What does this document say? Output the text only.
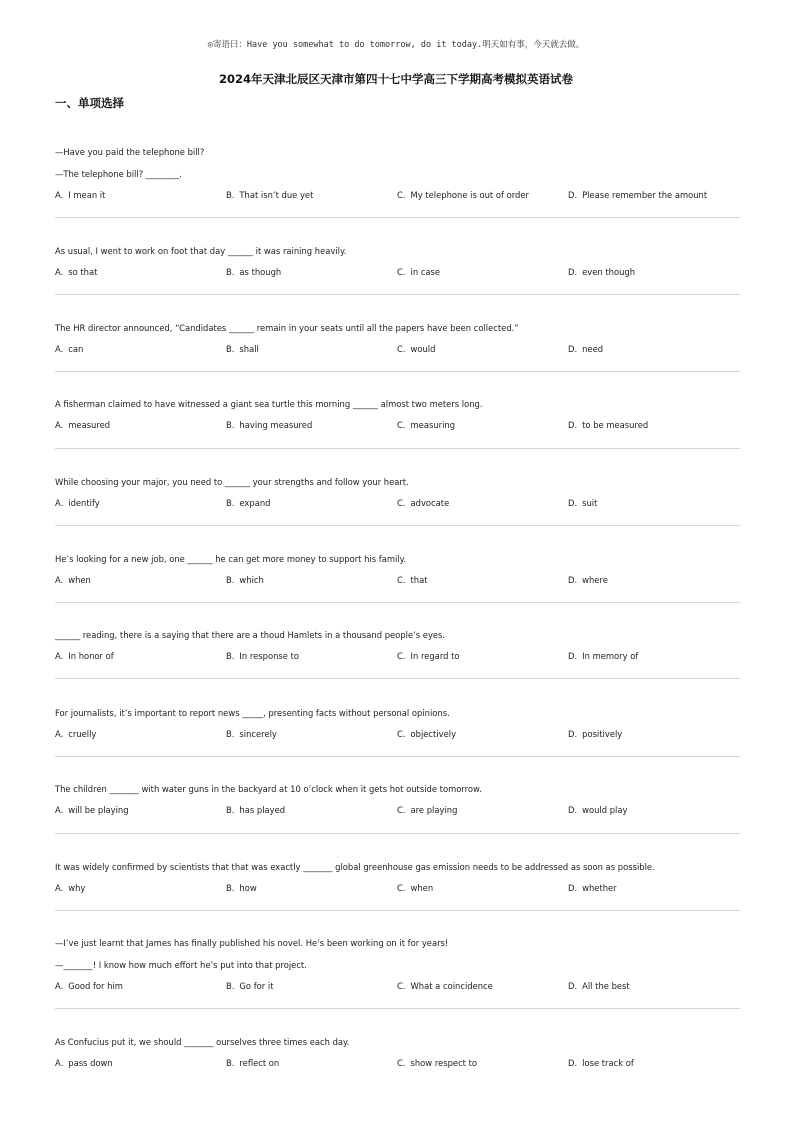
◎寄语曰：Have you somewhat to do tomorrow, do it today.明天如有事，今天就去做。
2024年天津北辰区天津市第四十七中学高三下学期高考模拟英语试卷
一、单项选择
—Have you paid the telephone bill?
—The telephone bill? ________.
A. I mean it	B. That isn’t due yet	C. My telephone is out of order	D. Please remember the amount
As usual, I went to work on foot that day ______ it was raining heavily.
A. so that	B. as though	C. in case	D. even though
The HR director announced, “Candidates ______ remain in your seats until all the papers have been collected.”
A. can	B. shall	C. would	D. need
A fisherman claimed to have witnessed a giant sea turtle this morning ______ almost two meters long.
A. measured	B. having measured	C. measuring	D. to be measured
While choosing your major, you need to ______ your strengths and follow your heart.
A. identify	B. expand	C. advocate	D. suit
He’s looking for a new job, one ______ he can get more money to support his family.
A. when	B. which	C. that	D. where
______ reading, there is a saying that there are a thoud Hamlets in a thousand people’s eyes.
A. In honor of	B. In response to	C. In regard to	D. In memory of
For journalists, it’s important to report news _____, presenting facts without personal opinions.
A. cruelly	B. sincerely	C. objectively	D. positively
The children _______ with water guns in the backyard at 10 o’clock when it gets hot outside tomorrow.
A. will be playing	B. has played	C. are playing	D. would play
It was widely confirmed by scientists that that was exactly _______ global greenhouse gas emission needs to be addressed as soon as possible.
A. why	B. how	C. when	D. whether
—I’ve just learnt that James has finally published his novel. He’s been working on it for years!
—_______! I know how much effort he’s put into that project.
A. Good for him	B. Go for it	C. What a coincidence	D. All the best
As Confucius put it, we should _______ ourselves three times each day.
A. pass down	B. reflect on	C. show respect to	D. lose track of
